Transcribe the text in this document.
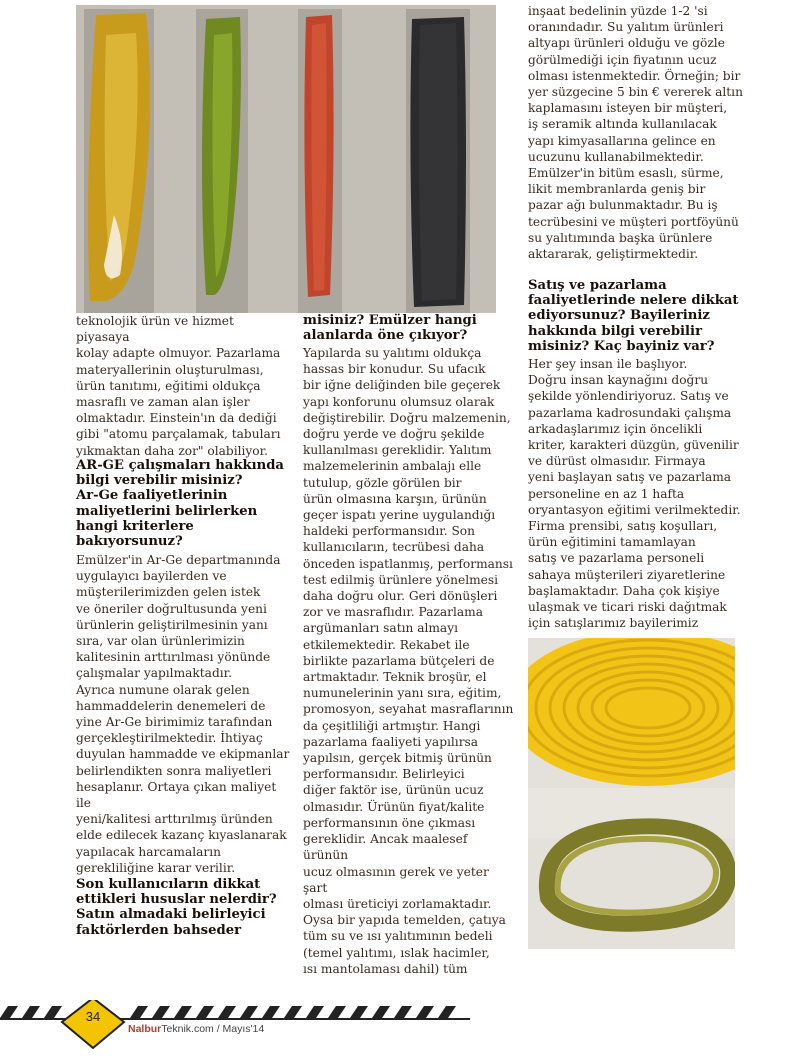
teknolojik ürün ve hizmet piyasaya
kolay adapte olmuyor. Pazarlama
materyallerinin oluşturulması,
ürün tanıtımı, eğitimi oldukça
masraflı ve zaman alan işler
olmaktadır. Einstein'ın da dediği
gibi "atomu parçalamak, tabuları
yıkmaktan daha zor" olabiliyor.
AR-GE çalışmaları hakkında
bilgi verebilir misiniz?
Ar-Ge faaliyetlerinin
maliyetlerini belirlerken
hangi kriterlere
bakıyorsunuz?
Emülzer'in Ar-Ge departmanında
uygulayıcı bayilerden ve
müşterilerimizden gelen istek
ve öneriler doğrultusunda yeni
ürünlerin geliştirilmesinin yanı
sıra, var olan ürünlerimizin
kalitesinin arttırılması yönünde
çalışmalar yapılmaktadır.
Ayrıca numune olarak gelen
hammaddelerin denemeleri de
yine Ar-Ge birimimiz tarafından
gerçekleştirilmektedir. İhtiyaç
duyulan hammadde ve ekipmanlar
belirlendikten sonra maliyetleri
hesaplanır. Ortaya çıkan maliyet ile
yeni/kalitesi arttırılmış üründen
elde edilecek kazanç kıyaslanarak
yapılacak harcamaların
gerekliliğine karar verilir.
Son kullanıcıların dikkat
ettikleri hususlar nelerdir?
Satın almadaki belirleyici
faktörlerden bahseder
misiniz? Emülzer hangi
alanlarda öne çıkıyor?
Yapılarda su yalıtımı oldukça
hassas bir konudur. Su ufacık
bir iğne deliğinden bile geçerek
yapı konforunu olumsuz olarak
değiştirebilir. Doğru malzemenin,
doğru yerde ve doğru şekilde
kullanılması gereklidir. Yalıtım
malzemelerinin ambalajı elle
tutulup, gözle görülen bir
ürün olmasına karşın, ürünün
geçer ispatı yerine uygulandığı
haldeki performansıdır. Son
kullanıcıların, tecrübesi daha
önceden ispatlanmış, performansı
test edilmiş ürünlere yönelmesi
daha doğru olur. Geri dönüşleri
zor ve masraflıdır. Pazarlama
argümanları satın almayı
etkilemektedir. Rekabet ile
birlikte pazarlama bütçeleri de
artmaktadır. Teknik broşür, el
numunelerinin yanı sıra, eğitim,
promosyon, seyahat masraflarının
da çeşitliliği artmıştır. Hangi
pazarlama faaliyeti yapılırsa
yapılsın, gerçek bitmiş ürünün
performansıdır. Belirleyici
diğer faktör ise, ürünün ucuz
olmasıdır. Ürünün fiyat/kalite
performansının öne çıkması
gereklidir. Ancak maalesef ürünün
ucuz olmasının gerek ve yeter şart
olması üreticiyi zorlamaktadır.
Oysa bir yapıda temelden, çatıya
tüm su ve ısı yalıtımının bedeli
(temel yalıtımı, ıslak hacimler,
ısı mantolaması dahil) tüm
inşaat bedelinin yüzde 1-2 'si
oranındadır. Su yalıtım ürünleri
altyapı ürünleri olduğu ve gözle
görülmediği için fiyatının ucuz
olması istenmektedir. Örneğin; bir
yer süzgecine 5 bin € vererek altın
kaplamasını isteyen bir müşteri,
iş seramik altında kullanılacak
yapı kimyasallarına gelince en
ucuzunu kullanabilmektedir.
Emülzer'in bitüm esaslı, sürme,
likit membranlarda geniş bir
pazar ağı bulunmaktadır. Bu iş
tecrübesini ve müşteri portföyünü
su yalıtımında başka ürünlere
aktararak, geliştirmektedir.
Satış ve pazarlama
faaliyetlerinde nelere dikkat
ediyorsunuz? Bayileriniz
hakkında bilgi verebilir
misiniz? Kaç bayiniz var?
Her şey insan ile başlıyor.
Doğru insan kaynağını doğru
şekilde yönlendiriyoruz. Satış ve
pazarlama kadrosundaki çalışma
arkadaşlarımız için öncelikli
kriter, karakteri düzgün, güvenilir
ve dürüst olmasıdır. Firmaya
yeni başlayan satış ve pazarlama
personeline en az 1 hafta
oryantasyon eğitimi verilmektedir.
Firma prensibi, satış koşulları,
ürün eğitimini tamamlayan
satış ve pazarlama personeli
sahaya müşterileri ziyaretlerine
başlamaktadır. Daha çok kişiye
ulaşmak ve ticari riski dağıtmak
için satışlarımız bayilerimiz
34
NalburTeknik.com / Mayıs'14
